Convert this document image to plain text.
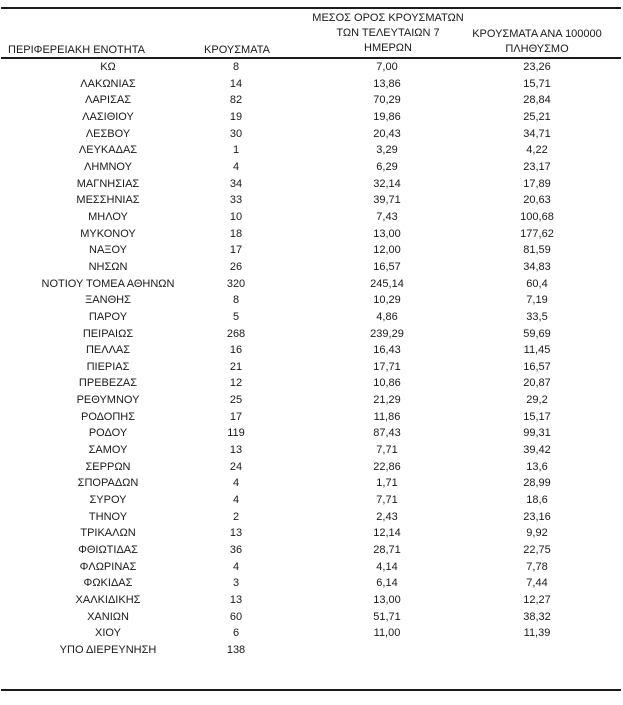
ΠΕΡΙΦΕΡΕΙΑΚΗ ΕΝΟΤΗΤΑ	ΚΡΟΥΣΜΑΤΑ
ΜΕΣΟΣ ΟΡΟΣ ΚΡΟΥΣΜΑΤΩΝ
ΤΩΝ ΤΕΛΕΥΤΑΙΩΝ 7
ΗΜΕΡΩΝ
ΚΡΟΥΣΜΑΤΑ ΑΝΑ 100000
ΠΛΗΘΥΣΜΟ
ΚΩ	8	7,00	23,26
ΛΑΚΩΝΙΑΣ	14	13,86	15,71
ΛΑΡΙΣΑΣ	82	70,29	28,84
ΛΑΣΙΘΙΟΥ	19	19,86	25,21
ΛΕΣΒΟΥ	30	20,43	34,71
ΛΕΥΚΑΔΑΣ	1	3,29	4,22
ΛΗΜΝΟΥ	4	6,29	23,17
ΜΑΓΝΗΣΙΑΣ	34	32,14	17,89
ΜΕΣΣΗΝΙΑΣ	33	39,71	20,63
ΜΗΛΟΥ	10	7,43	100,68
ΜΥΚΟΝΟΥ	18	13,00	177,62
ΝΑΞΟΥ	17	12,00	81,59
ΝΗΣΩΝ	26	16,57	34,83
ΝΟΤΙΟΥ ΤΟΜΕΑ ΑΘΗΝΩΝ	320	245,14	60,4
ΞΑΝΘΗΣ	8	10,29	7,19
ΠΑΡΟΥ	5	4,86	33,5
ΠΕΙΡΑΙΩΣ	268	239,29	59,69
ΠΕΛΛΑΣ	16	16,43	11,45
ΠΙΕΡΙΑΣ	21	17,71	16,57
ΠΡΕΒΕΖΑΣ	12	10,86	20,87
ΡΕΘΥΜΝΟΥ	25	21,29	29,2
ΡΟΔΟΠΗΣ	17	11,86	15,17
ΡΟΔΟΥ	119	87,43	99,31
ΣΑΜΟΥ	13	7,71	39,42
ΣΕΡΡΩΝ	24	22,86	13,6
ΣΠΟΡΑΔΩΝ	4	1,71	28,99
ΣΥΡΟΥ	4	7,71	18,6
ΤΗΝΟΥ	2	2,43	23,16
ΤΡΙΚΑΛΩΝ	13	12,14	9,92
ΦΘΙΩΤΙΔΑΣ	36	28,71	22,75
ΦΛΩΡΙΝΑΣ	4	4,14	7,78
ΦΩΚΙΔΑΣ	3	6,14	7,44
ΧΑΛΚΙΔΙΚΗΣ	13	13,00	12,27
ΧΑΝΙΩΝ	60	51,71	38,32
ΧΙΟΥ	6	11,00	11,39
ΥΠΟ ΔΙΕΡΕΥΝΗΣΗ	138
